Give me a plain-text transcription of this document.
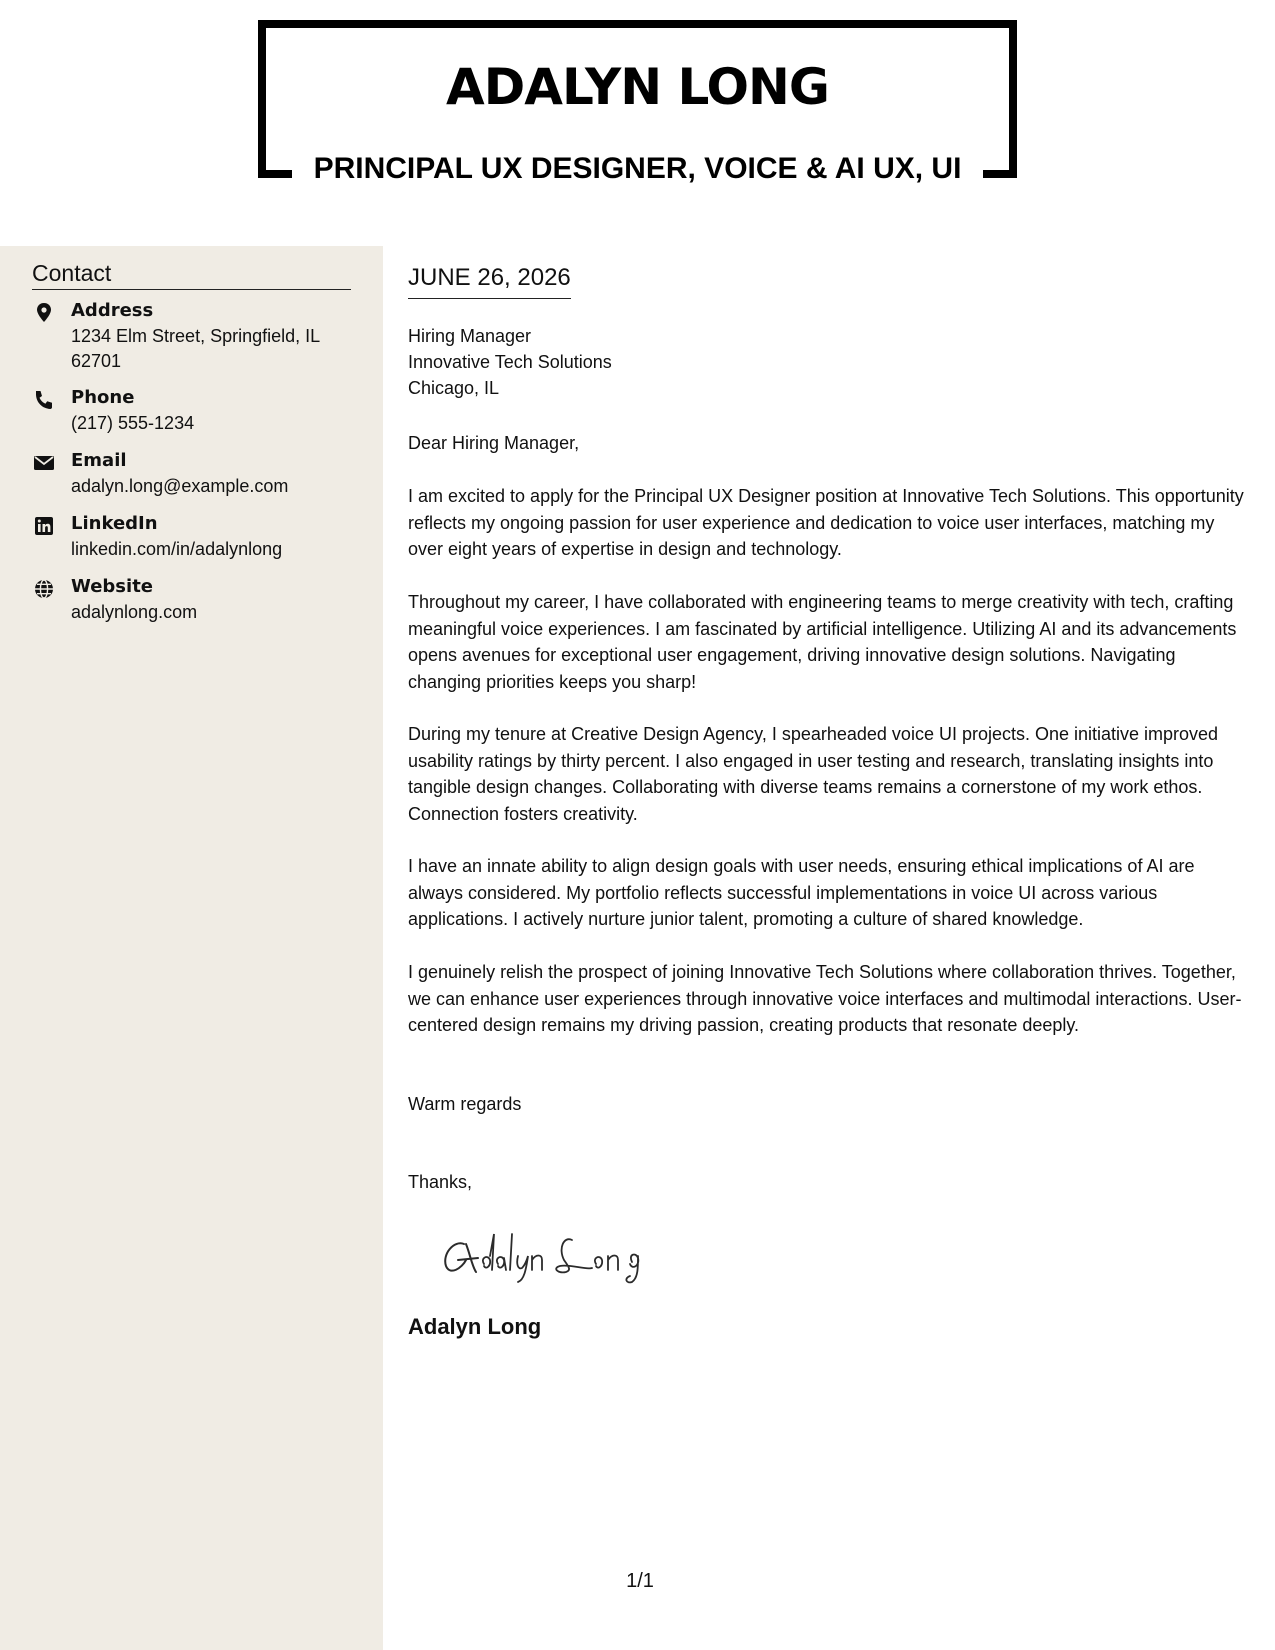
ADALYN LONG
PRINCIPAL UX DESIGNER, VOICE & AI UX, UI
Contact
Address
1234 Elm Street, Springfield, IL 62701
Phone
(217) 555-1234
Email
adalyn.long@example.com
LinkedIn
linkedin.com/in/adalynlong
Website
adalynlong.com
JUNE 26, 2026
Hiring Manager
Innovative Tech Solutions
Chicago, IL

Dear Hiring Manager,

I am excited to apply for the Principal UX Designer position at Innovative Tech Solutions. This opportunity reflects my ongoing passion for user experience and dedication to voice user interfaces, matching my over eight years of expertise in design and technology.

Throughout my career, I have collaborated with engineering teams to merge creativity with tech, crafting meaningful voice experiences. I am fascinated by artificial intelligence. Utilizing AI and its advancements opens avenues for exceptional user engagement, driving innovative design solutions. Navigating changing priorities keeps you sharp!

During my tenure at Creative Design Agency, I spearheaded voice UI projects. One initiative improved usability ratings by thirty percent. I also engaged in user testing and research, translating insights into tangible design changes. Collaborating with diverse teams remains a cornerstone of my work ethos. Connection fosters creativity.

I have an innate ability to align design goals with user needs, ensuring ethical implications of AI are always considered. My portfolio reflects successful implementations in voice UI across various applications. I actively nurture junior talent, promoting a culture of shared knowledge.

I genuinely relish the prospect of joining Innovative Tech Solutions where collaboration thrives. Together, we can enhance user experiences through innovative voice interfaces and multimodal interactions. User-centered design remains my driving passion, creating products that resonate deeply.

Warm regards

Thanks,

Adalyn Long
1/1
